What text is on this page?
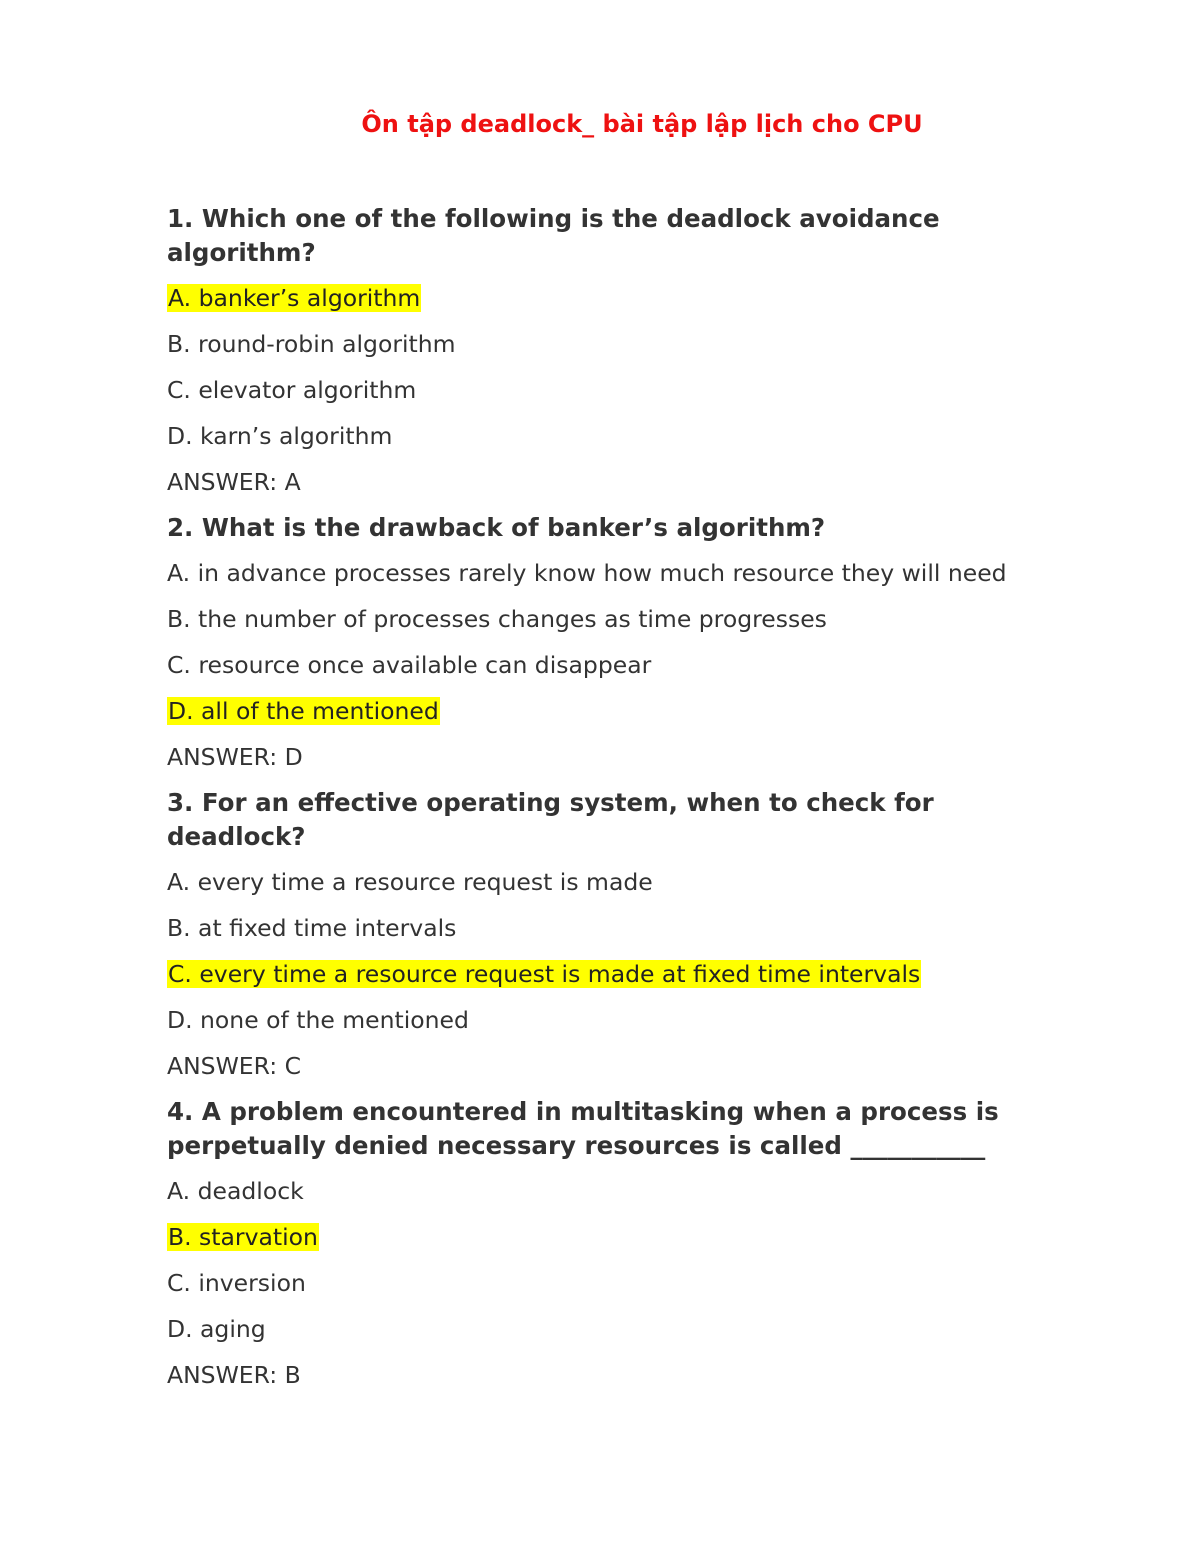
Ôn tập deadlock_ bài tập lập lịch cho CPU
1. Which one of the following is the deadlock avoidance
algorithm?
A. banker’s algorithm
B. round-robin algorithm
C. elevator algorithm
D. karn’s algorithm
ANSWER: A
2. What is the drawback of banker’s algorithm?
A. in advance processes rarely know how much resource they will need
B. the number of processes changes as time progresses
C. resource once available can disappear
D. all of the mentioned
ANSWER: D
3. For an effective operating system, when to check for
deadlock?
A. every time a resource request is made
B. at fixed time intervals
C. every time a resource request is made at fixed time intervals
D. none of the mentioned
ANSWER: C
4. A problem encountered in multitasking when a process is
perpetually denied necessary resources is called ___________
A. deadlock
B. starvation
C. inversion
D. aging
ANSWER: B
